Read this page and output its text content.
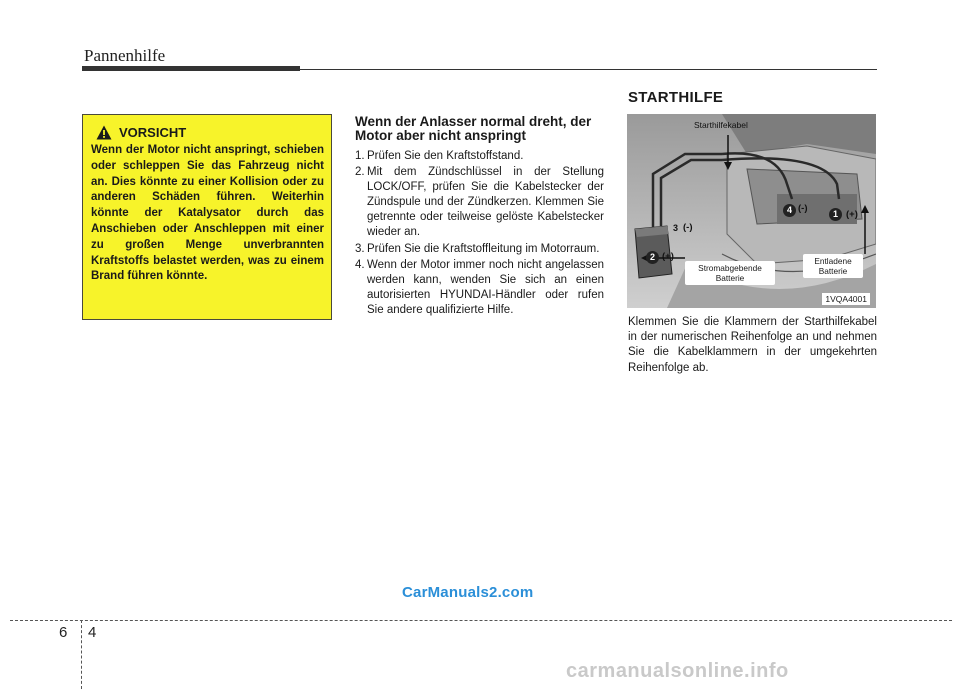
Pannenhilfe
VORSICHT
Wenn der Motor nicht anspringt, schieben oder schleppen Sie das Fahrzeug nicht an. Dies könnte zu einer Kollision oder zu anderen Schäden führen. Weiterhin könnte der Katalysator durch das Anschieben oder Anschleppen mit einer zu großen Menge unverbrannten Kraftstoffs belastet werden, was zu einem Brand führen könnte.
Wenn der Anlasser normal dreht, der Motor aber nicht anspringt
1. Prüfen Sie den Kraftstoffstand.
2. Mit dem Zündschlüssel in der Stellung LOCK/OFF, prüfen Sie die Kabelstecker der Zündspule und der Zündkerzen. Klemmen Sie getrennte oder teilweise gelöste Kabelstecker wieder an.
3. Prüfen Sie die Kraftstoffleitung im Motorraum.
4. Wenn der Motor immer noch nicht angelassen werden kann, wenden Sie sich an einen autorisierten HYUNDAI-Händler oder rufen Sie andere qualifizierte Hilfe.
STARTHILFE
Starthilfekabel
Stromabgebende Batterie
Entladene Batterie
1 (+)
2 (+)
3 (-)
4 (-)
1VQA4001
Klemmen Sie die Klammern der Starthilfekabel in der numerischen Reihenfolge an und nehmen Sie die Kabelklammern in der umgekehrten Reihenfolge ab.
CarManuals2.com
6 4
carmanualsonline.info
